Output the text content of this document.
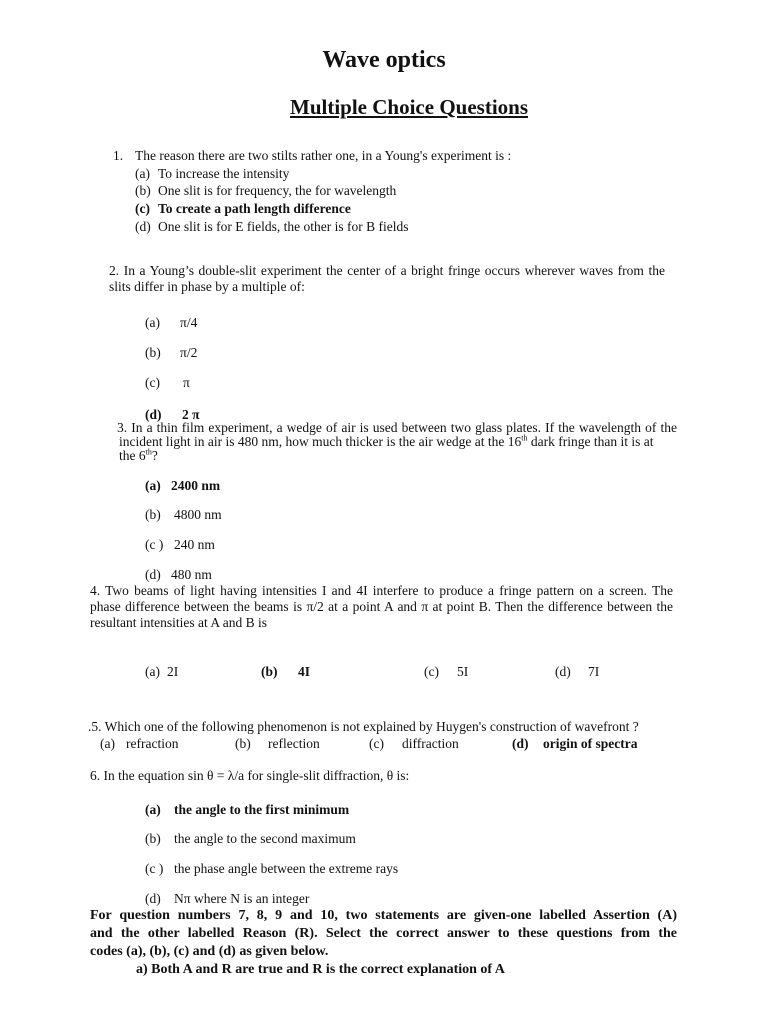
Wave optics
Multiple Choice Questions
1. The reason there are two stilts rather one, in a Young's experiment is :
(a) To increase the intensity
(b) One slit is for frequency, the for wavelength
(c) To create a path length difference
(d) One slit is for E fields, the other is for B fields
2. In a Young’s double-slit experiment the center of a bright fringe occurs wherever waves from the
slits differ in phase by a multiple of:
(a) π/4
(b) π/2
(c) π
(d) 2 π
3. In a thin film experiment, a wedge of air is used between two glass plates. If the wavelength of the
incident light in air is 480 nm, how much thicker is the air wedge at the 16th dark fringe than it is at
the 6th?
(a) 2400 nm
(b) 4800 nm
(c ) 240 nm
(d) 480 nm
4. Two beams of light having intensities I and 4I interfere to produce a fringe pattern on a screen. The
phase difference between the beams is π/2 at a point A and π at point B. Then the difference between the
resultant intensities at A and B is
(a) 2I	(b) 4I	(c) 5I	(d) 7I
.5. Which one of the following phenomenon is not explained by Huygen's construction of wavefront ?
(a) refraction	(b) reflection	(c) diffraction	(d) origin of spectra
6. In the equation sin θ = λ/a for single-slit diffraction, θ is:
(a) the angle to the first minimum
(b) the angle to the second maximum
(c ) the phase angle between the extreme rays
(d) Nπ where N is an integer
For question numbers 7, 8, 9 and 10, two statements are given-one labelled Assertion (A)
and the other labelled Reason (R). Select the correct answer to these questions from the
codes (a), (b), (c) and (d) as given below.
a) Both A and R are true and R is the correct explanation of A
